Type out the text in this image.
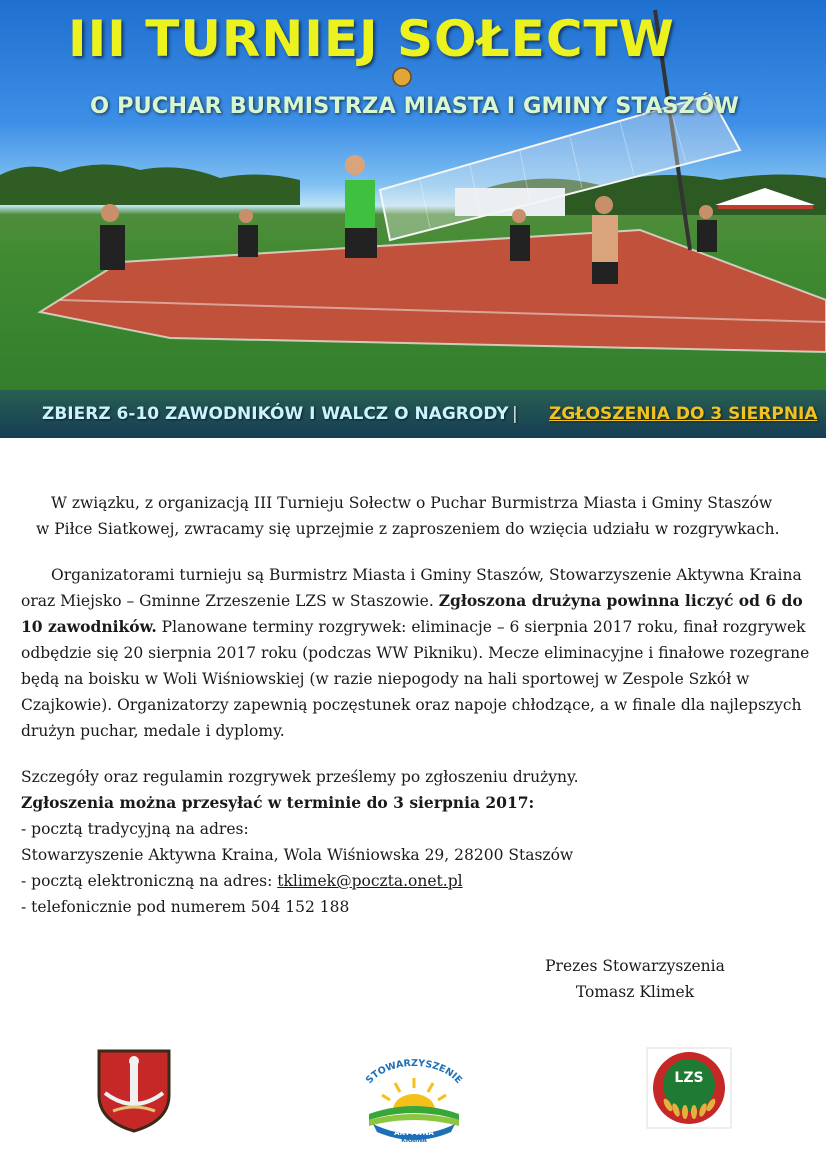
III TURNIEJ SOŁECTW
O PUCHAR BURMISTRZA MIASTA I GMINY STASZÓW

ZBIERZ 6-10 ZAWODNIKÓW I WALCZ O NAGRODY | ZGŁOSZENIA DO 3 SIERPNIA

W związku, z organizacją III Turnieju Sołectw o Puchar Burmistrza Miasta i Gminy Staszów

w Piłce Siatkowej, zwracamy się uprzejmie z zaproszeniem do wzięcia udziału w rozgrywkach.

Organizatorami turnieju są Burmistrz Miasta i Gminy Staszów, Stowarzyszenie Aktywna Kraina oraz Miejsko – Gminne Zrzeszenie LZS w Staszowie. Zgłoszona drużyna powinna liczyć od 6 do 10 zawodników. Planowane terminy rozgrywek: eliminacje – 6 sierpnia 2017 roku, finał rozgrywek odbędzie się 20 sierpnia 2017 roku (podczas WW Pikniku). Mecze eliminacyjne i finałowe rozegrane będą na boisku w Woli Wiśniowskiej (w razie niepogody na hali sportowej w Zespole Szkół w Czajkowie). Organizatorzy zapewnią poczęstunek oraz napoje chłodzące, a w finale dla najlepszych drużyn puchar, medale i dyplomy.

Szczegóły oraz regulamin rozgrywek prześlemy po zgłoszeniu drużyny.

Zgłoszenia można przesyłać w terminie do 3 sierpnia 2017:

- pocztą tradycyjną na adres:

Stowarzyszenie Aktywna Kraina, Wola Wiśniowska 29, 28200 Staszów

- pocztą elektroniczną na adres: tklimek@poczta.onet.pl

- telefonicznie pod numerem 504 152 188

Prezes Stowarzyszenia

Tomasz Klimek

STOWARZYSZENIE
AKTYWNA
KRAINA
LZS
